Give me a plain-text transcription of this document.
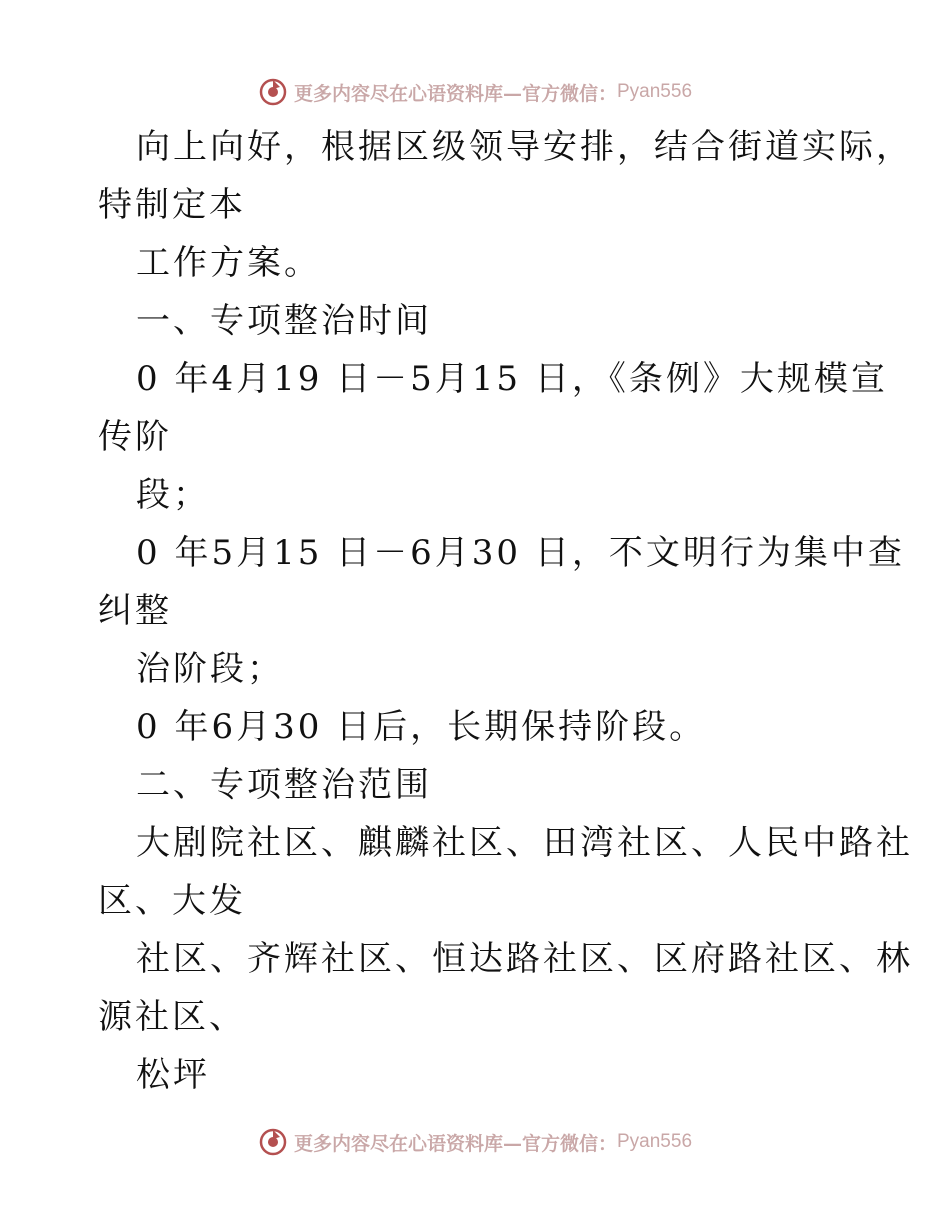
更多内容尽在心语资料库—官方微信： Pyan556
向上向好，根据区级领导安排，结合街道实际，
特制定本
工作方案。
一、专项整治时间
0 年4月19 日－5月15 日，《条例》大规模宣
传阶
段；
0 年5月15 日－6月30 日，不文明行为集中查
纠整
治阶段；
0 年6月30 日后，长期保持阶段。
二、专项整治范围
大剧院社区、麒麟社区、田湾社区、人民中路社
区、大发
社区、齐辉社区、恒达路社区、区府路社区、林
源社区、
松坪
更多内容尽在心语资料库—官方微信： Pyan556
